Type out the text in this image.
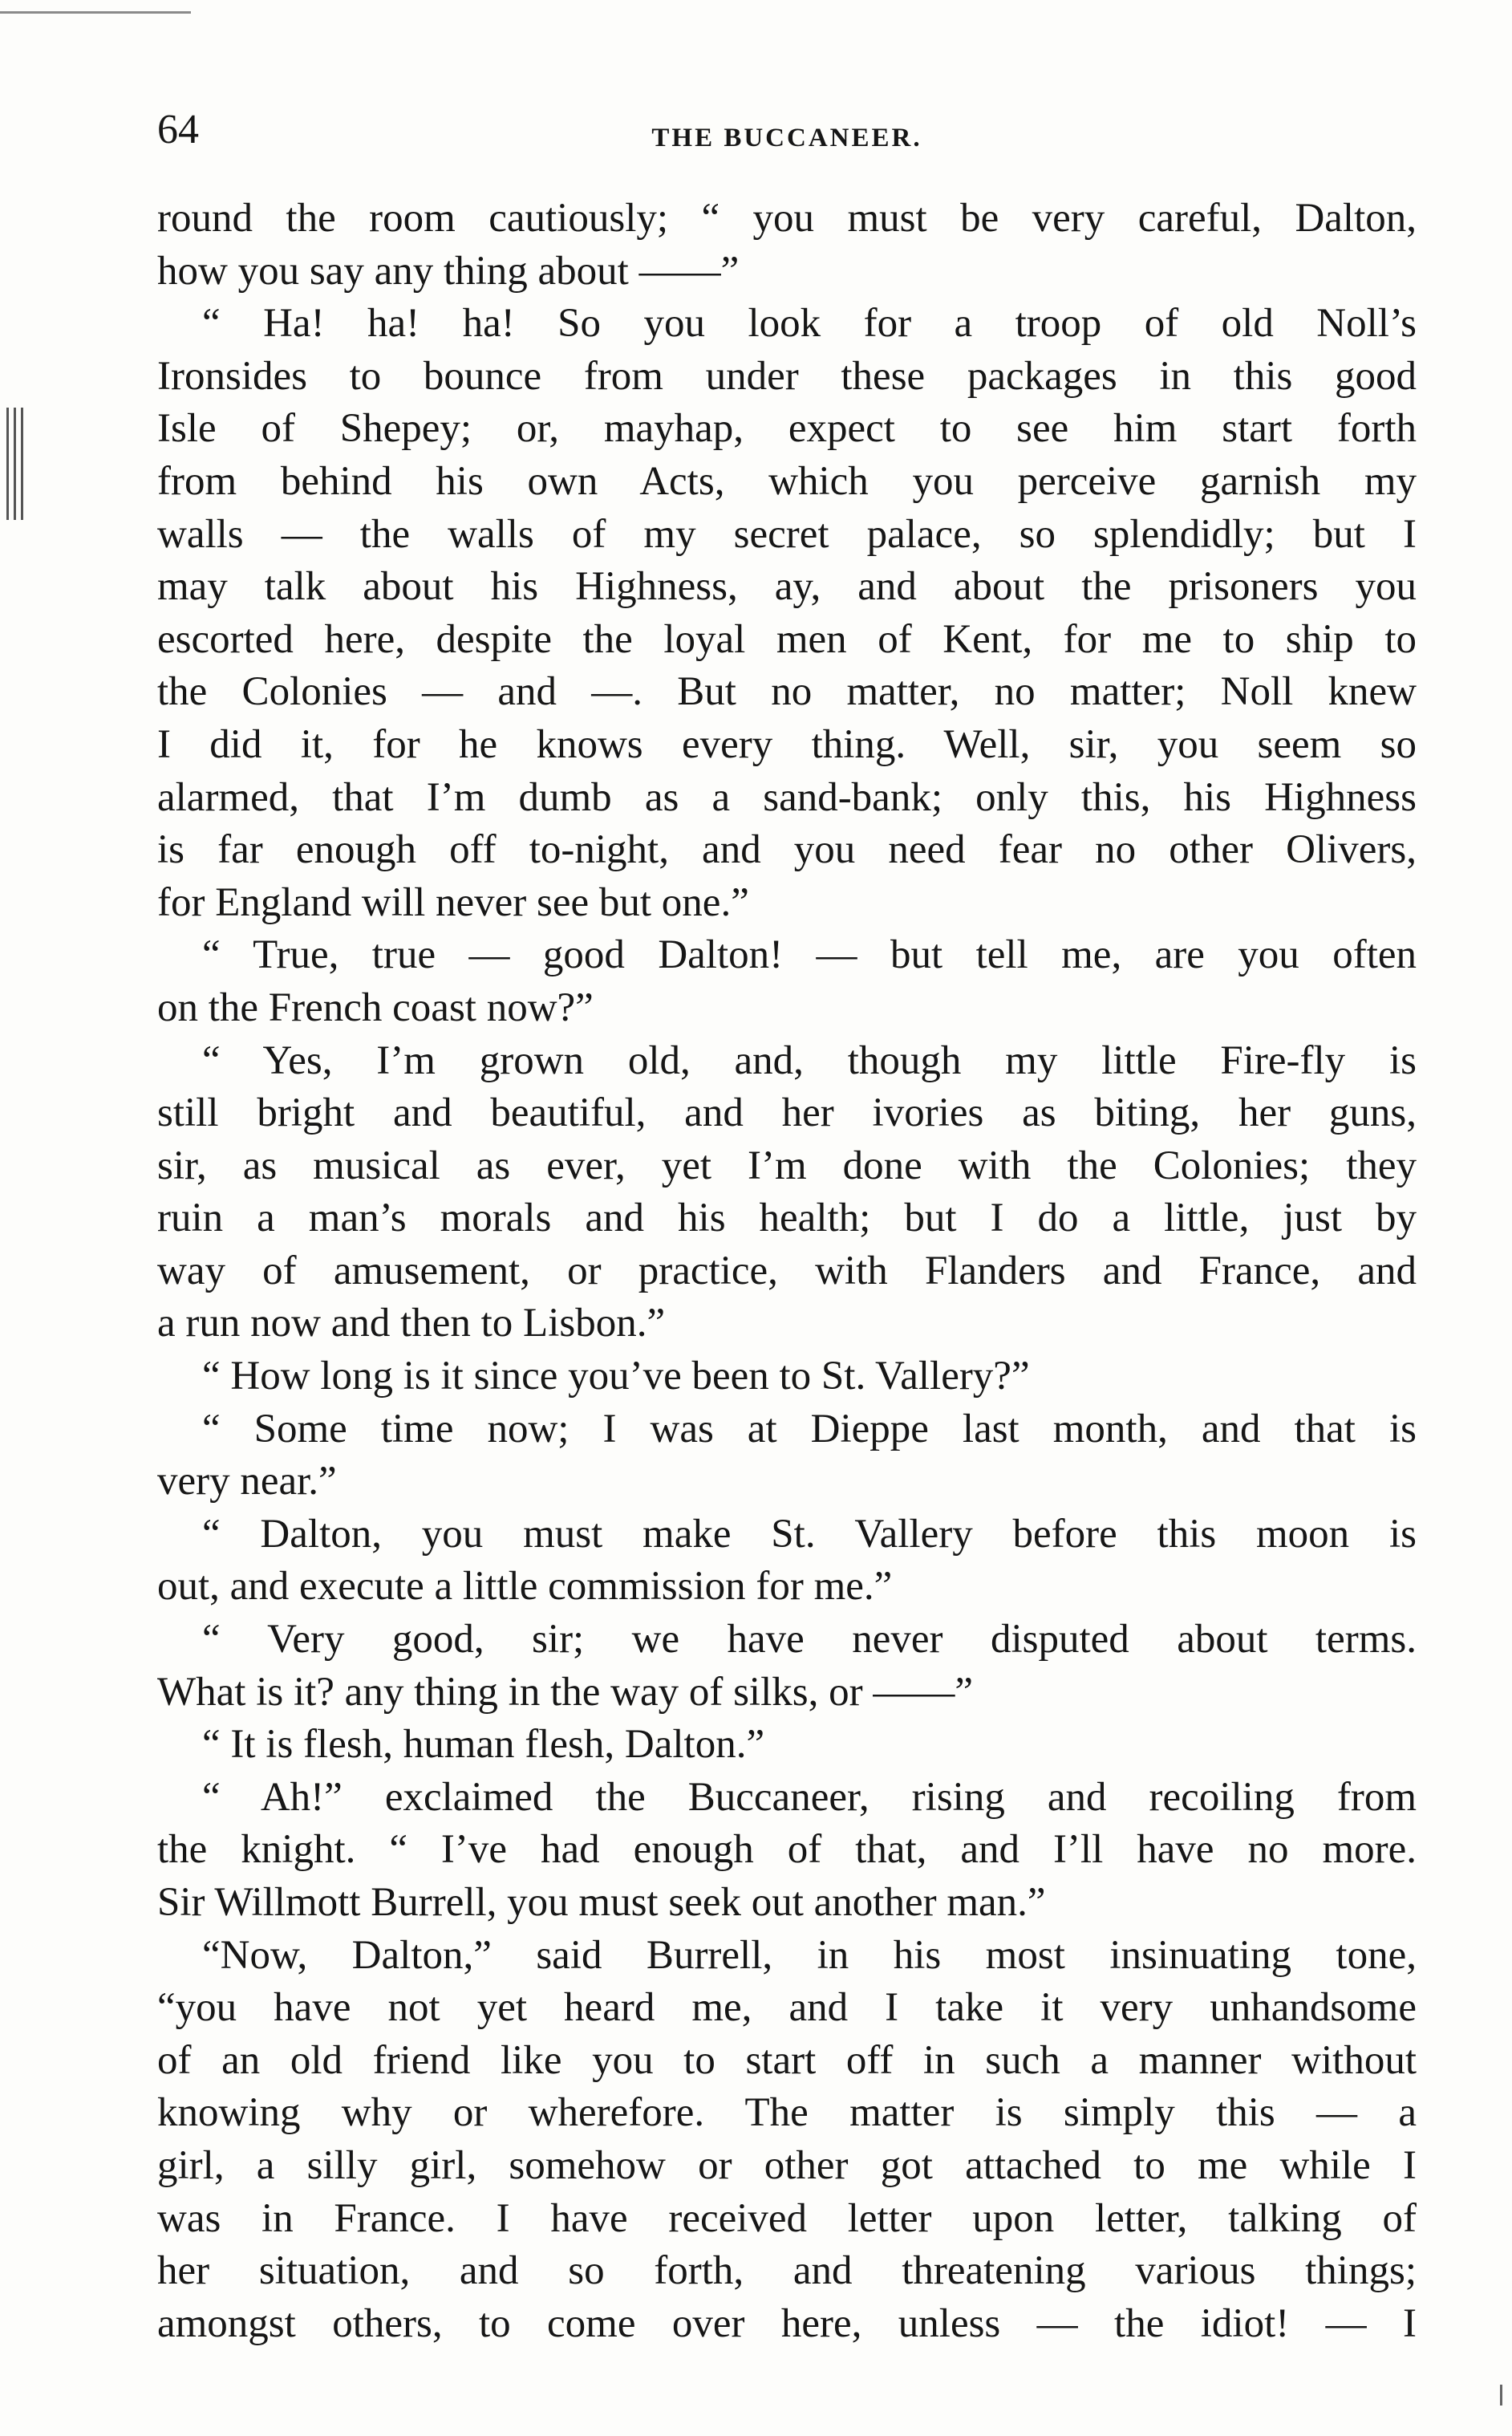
64	THE BUCCANEER.
round the room cautiously; “ you must be very careful, Dalton,
how you say any thing about ——”
“ Ha! ha! ha! So you look for a troop of old Noll’s
Ironsides to bounce from under these packages in this good
Isle of Shepey; or, mayhap, expect to see him start forth
from behind his own Acts, which you perceive garnish my
walls — the walls of my secret palace, so splendidly; but I
may talk about his Highness, ay, and about the prisoners you
escorted here, despite the loyal men of Kent, for me to ship to
the Colonies — and —. But no matter, no matter; Noll knew
I did it, for he knows every thing. Well, sir, you seem so
alarmed, that I’m dumb as a sand-bank; only this, his Highness
is far enough off to-night, and you need fear no other Olivers,
for England will never see but one.”
“ True, true — good Dalton! — but tell me, are you often
on the French coast now?”
“ Yes, I’m grown old, and, though my little Fire-fly is
still bright and beautiful, and her ivories as biting, her guns,
sir, as musical as ever, yet I’m done with the Colonies; they
ruin a man’s morals and his health; but I do a little, just by
way of amusement, or practice, with Flanders and France, and
a run now and then to Lisbon.”
“ How long is it since you’ve been to St. Vallery?”
“ Some time now; I was at Dieppe last month, and that is
very near.”
“ Dalton, you must make St. Vallery before this moon is
out, and execute a little commission for me.”
“ Very good, sir; we have never disputed about terms.
What is it? any thing in the way of silks, or ——”
“ It is flesh, human flesh, Dalton.”
“ Ah!” exclaimed the Buccaneer, rising and recoiling from
the knight. “ I’ve had enough of that, and I’ll have no more.
Sir Willmott Burrell, you must seek out another man.”
“Now, Dalton,” said Burrell, in his most insinuating tone,
“you have not yet heard me, and I take it very unhandsome
of an old friend like you to start off in such a manner without
knowing why or wherefore. The matter is simply this — a
girl, a silly girl, somehow or other got attached to me while I
was in France. I have received letter upon letter, talking of
her situation, and so forth, and threatening various things;
amongst others, to come over here, unless — the idiot! — I
